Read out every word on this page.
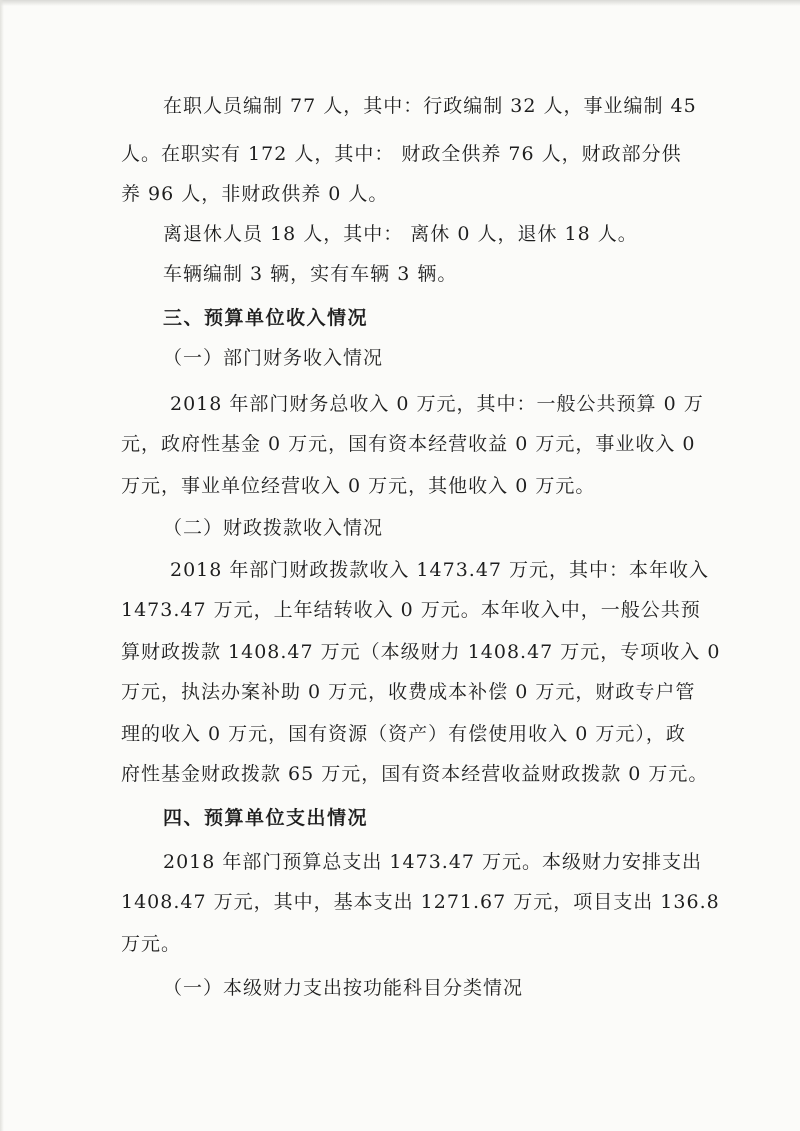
在职人员编制 77 人，其中：行政编制 32 人，事业编制 45
人。在职实有 172 人，其中： 财政全供养 76 人，财政部分供
养 96 人，非财政供养 0 人。
离退休人员 18 人，其中： 离休 0 人，退休 18 人。
车辆编制 3 辆，实有车辆 3 辆。
三、预算单位收入情况
（一）部门财务收入情况
2018 年部门财务总收入 0 万元，其中：一般公共预算 0 万
元，政府性基金 0 万元，国有资本经营收益 0 万元，事业收入 0
万元，事业单位经营收入 0 万元，其他收入 0 万元。
（二）财政拨款收入情况
2018 年部门财政拨款收入 1473.47 万元，其中：本年收入
1473.47 万元，上年结转收入 0 万元。本年收入中，一般公共预
算财政拨款 1408.47 万元（本级财力 1408.47 万元，专项收入 0
万元，执法办案补助 0 万元，收费成本补偿 0 万元，财政专户管
理的收入 0 万元，国有资源（资产）有偿使用收入 0 万元），政
府性基金财政拨款 65 万元，国有资本经营收益财政拨款 0 万元。
四、预算单位支出情况
2018 年部门预算总支出 1473.47 万元。本级财力安排支出
1408.47 万元，其中，基本支出 1271.67 万元，项目支出 136.8
万元。
（一）本级财力支出按功能科目分类情况
